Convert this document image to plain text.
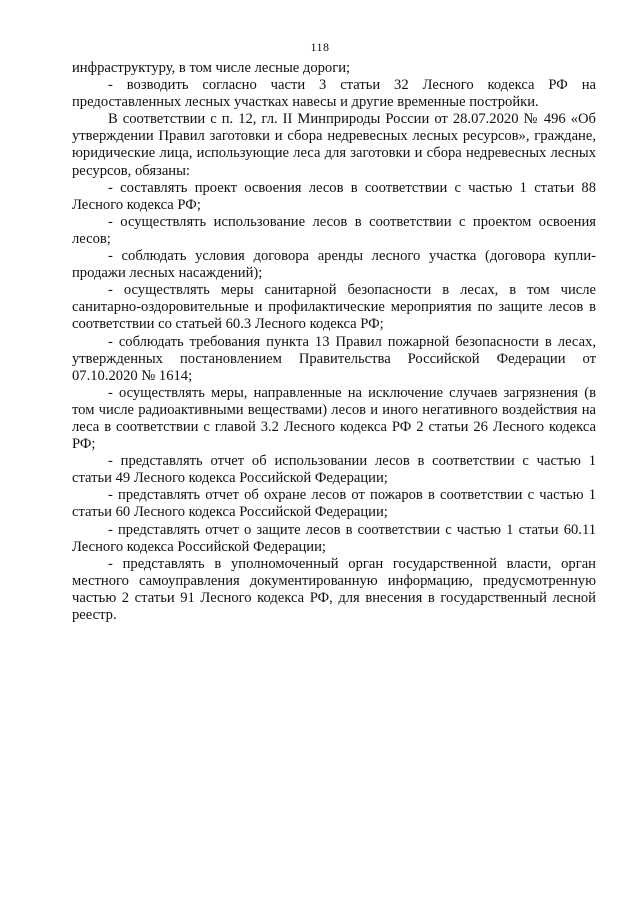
118

инфраструктуру, в том числе лесные дороги;

- возводить согласно части 3 статьи 32 Лесного кодекса РФ на предоставленных лесных участках навесы и другие временные постройки.

В соответствии с п. 12, гл. II Минприроды России от 28.07.2020 № 496 «Об утверждении Правил заготовки и сбора недревесных лесных ресурсов», граждане, юридические лица, использующие леса для заготовки и сбора недревесных лесных ресурсов, обязаны:

- составлять проект освоения лесов в соответствии с частью 1 статьи 88 Лесного кодекса РФ;

- осуществлять использование лесов в соответствии с проектом освоения лесов;

- соблюдать условия договора аренды лесного участка (договора купли-продажи лесных насаждений);

- осуществлять меры санитарной безопасности в лесах, в том числе санитарно-оздоровительные и профилактические мероприятия по защите лесов в соответствии со статьей 60.3 Лесного кодекса РФ;

- соблюдать требования пункта 13 Правил пожарной безопасности в лесах, утвержденных постановлением Правительства Российской Федерации от 07.10.2020 № 1614;

- осуществлять меры, направленные на исключение случаев загрязнения (в том числе радиоактивными веществами) лесов и иного негативного воздействия на леса в соответствии с главой 3.2 Лесного кодекса РФ 2 статьи 26 Лесного кодекса РФ;

- представлять отчет об использовании лесов в соответствии с частью 1 статьи 49 Лесного кодекса Российской Федерации;

- представлять отчет об охране лесов от пожаров в соответствии с частью 1 статьи 60 Лесного кодекса Российской Федерации;

- представлять отчет о защите лесов в соответствии с частью 1 статьи 60.11 Лесного кодекса Российской Федерации;

- представлять в уполномоченный орган государственной власти, орган местного самоуправления документированную информацию, предусмотренную частью 2 статьи 91 Лесного кодекса РФ, для внесения в государственный лесной реестр.
